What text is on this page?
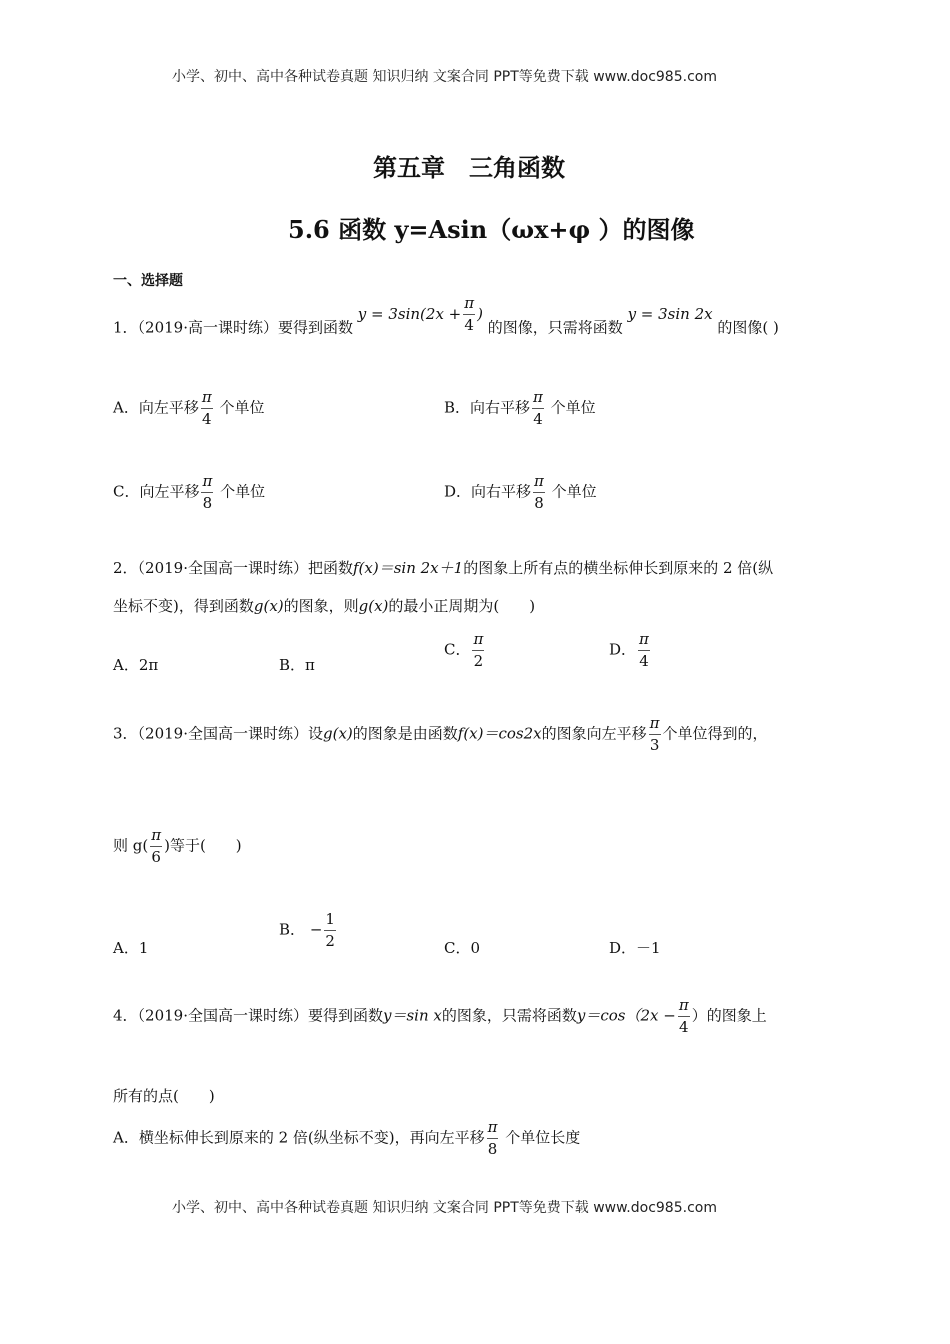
小学、初中、高中各种试卷真题 知识归纳 文案合同 PPT等免费下载 www.doc985.com
第五章　三角函数
5.6 函数 y=Asin（ωx+φ ）的图像
一、选择题
1．（2019·高一课时练）要得到函数 $y = 3\sin(2x + \frac{\pi}{4}$ ) 的图像，只需将函数 y = 3sin 2x 的图像( )
A．向左平移 $\frac{\pi}{4}$ 个单位	B．向右平移 $\frac{\pi}{4}$ 个单位
C．向左平移 $\frac{\pi}{8}$ 个单位	D．向右平移 $\frac{\pi}{8}$ 个单位
2．（2019·全国高一课时练）把函数f(x)＝sin 2x＋1的图象上所有点的横坐标伸长到原来的 2 倍(纵
坐标不变)，得到函数g(x)的图象，则g(x)的最小正周期为(　　)
A．2π	B．π
C． $\frac{\pi}{2}$	D． $\frac{\pi}{4}$
3．（2019·全国高一课时练）设g(x)的图象是由函数f(x)＝cos2x的图象向左平移 $\frac{\pi}{3}$ 个单位得到的，
则 $g( \frac{\pi}{6}$ )等于(　　)
A．1
B． − $\frac{1}{2}$	C．0	D．－1
4．（2019·全国高一课时练）要得到函数y＝sin x的图象，只需将函数$y=\cos(2x - \frac{\pi}{4}$ ）的图象上
所有的点(　　)
A．横坐标伸长到原来的 2 倍(纵坐标不变)，再向左平移 $\frac{\pi}{8}$ 个单位长度
小学、初中、高中各种试卷真题 知识归纳 文案合同 PPT等免费下载 www.doc985.com
